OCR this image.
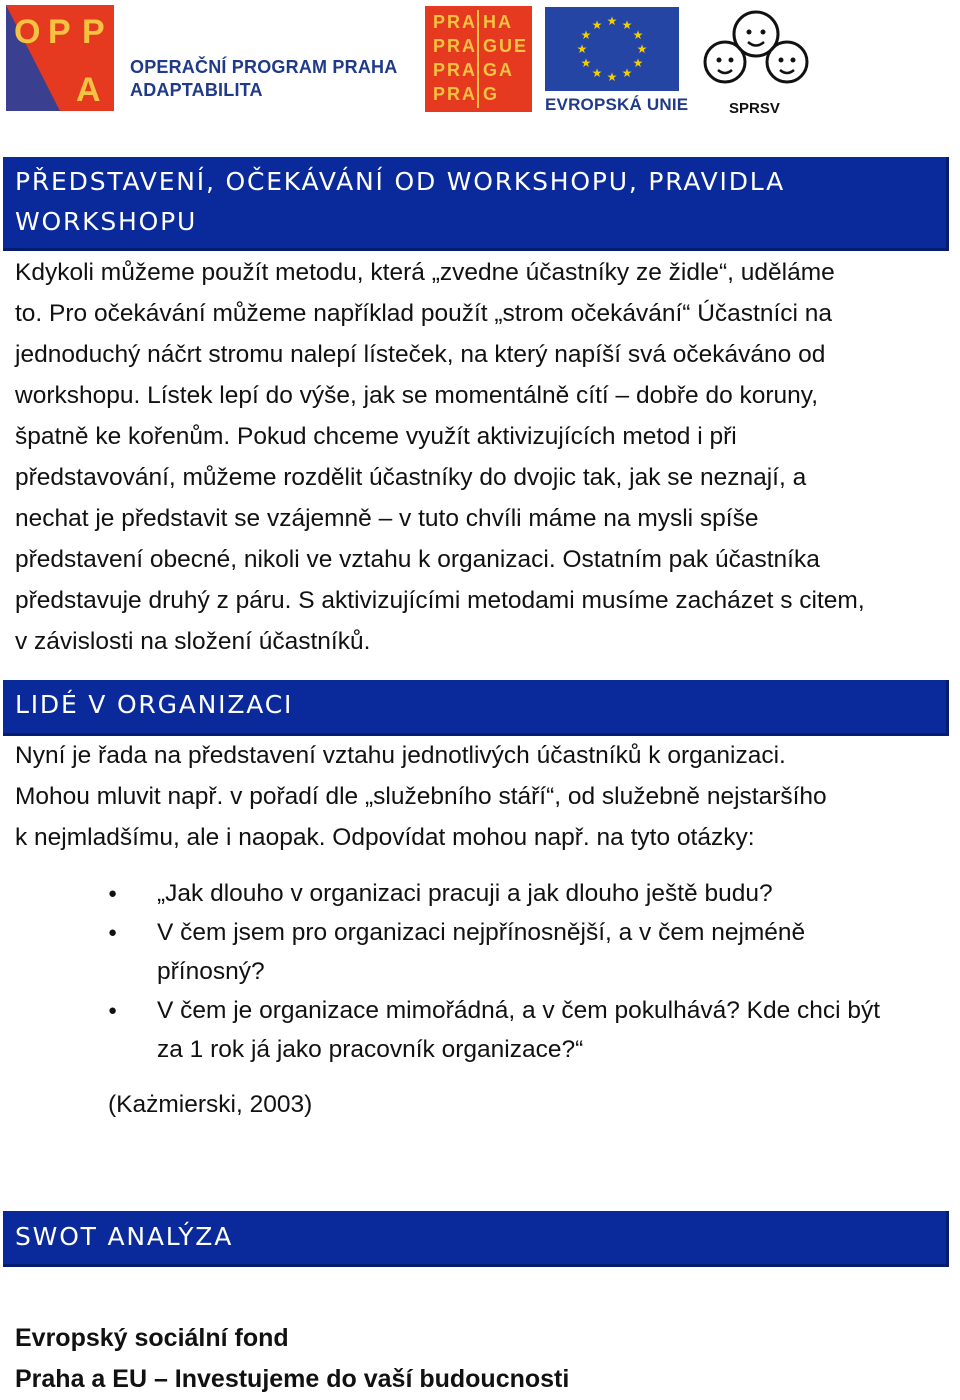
O P P
A
OPERAČNÍ PROGRAM PRAHA
ADAPTABILITA
PRA HA
PRA GUE
PRA GA
PRA G
★ ★
★
★
★
★
★
★
★
★
★
★
EVROPSKÁ UNIE	SPRSV
PŘEDSTAVENÍ, OČEKÁVÁNÍ OD WORKSHOPU, PRAVIDLA WORKSHOPU
Kdykoli můžeme použít metodu, která „zvedne účastníky ze židle“, uděláme
to. Pro očekávání můžeme například použít „strom očekávání“ Účastníci na
jednoduchý náčrt stromu nalepí lísteček, na který napíší svá očekáváno od
workshopu. Lístek lepí do výše, jak se momentálně cítí – dobře do koruny,
špatně ke kořenům. Pokud chceme využít aktivizujících metod i při
představování, můžeme rozdělit účastníky do dvojic tak, jak se neznají, a
nechat je představit se vzájemně – v tuto chvíli máme na mysli spíše
představení obecné, nikoli ve vztahu k organizaci. Ostatním pak účastníka
představuje druhý z páru. S aktivizujícími metodami musíme zacházet s citem,
v závislosti na složení účastníků.
LIDÉ V ORGANIZACI
Nyní je řada na představení vztahu jednotlivých účastníků k organizaci.
Mohou mluvit např. v pořadí dle „služebního stáří“, od služebně nejstaršího
k nejmladšímu, ale i naopak. Odpovídat mohou např. na tyto otázky:
● „Jak dlouho v organizaci pracuji a jak dlouho ještě budu?
● V čem jsem pro organizaci nejpřínosnější, a v čem nejméně
přínosný?
● V čem je organizace mimořádná, a v čem pokulhává? Kde chci být
za 1 rok já jako pracovník organizace?“
(Każmierski, 2003)
SWOT ANALÝZA
Evropský sociální fond
Praha a EU – Investujeme do vaší budoucnosti
